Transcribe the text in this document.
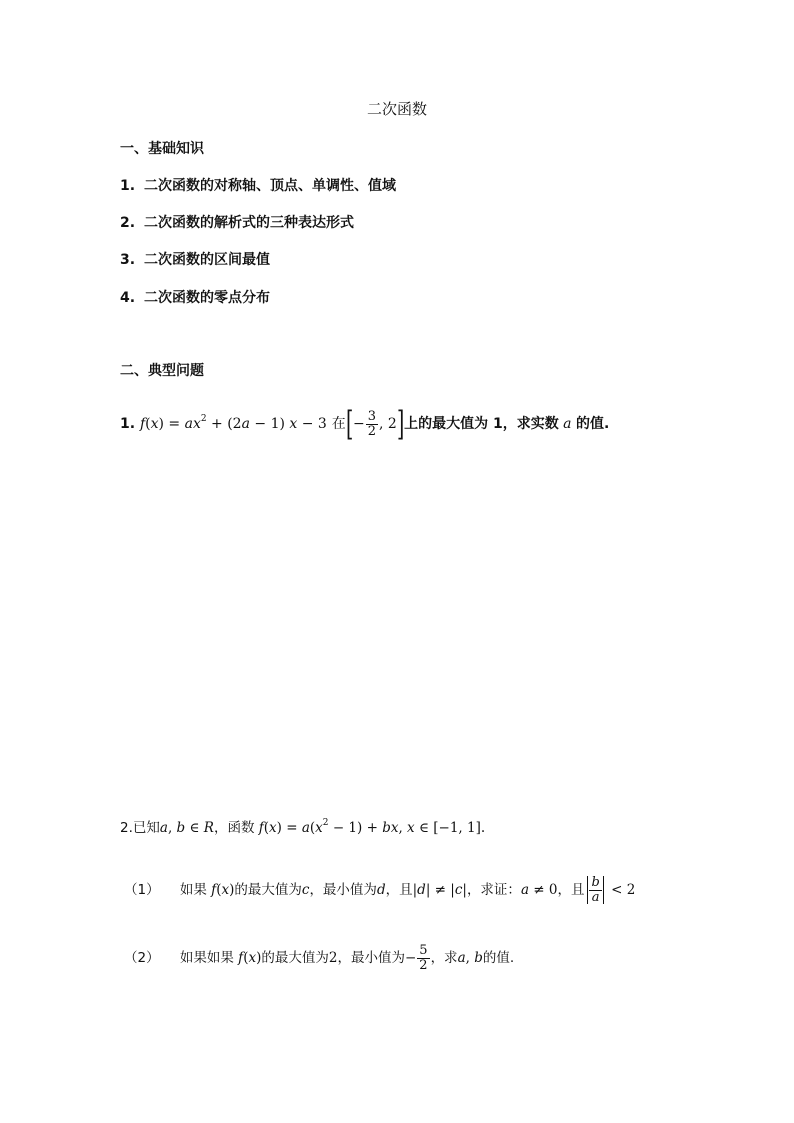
二次函数
一、基础知识
1. 二次函数的对称轴、顶点、单调性、值域
2. 二次函数的解析式的三种表达形式
3. 二次函数的区间最值
4. 二次函数的零点分布
二、典型问题
1. $f(x) = ax^2 + (2a - 1) x - 3$ 在[− $\frac{3}{2}$ , 2]上的最大值为 1，求实数 a 的值.
2.已知a, b ∈ R，函数 $f(x) = a(x^2 - 1)$ + bx, x ∈ [−1, 1].
（1） 如果 f(x)的最大值为c，最小值为d，且|d| ≠ |c|，求证：a ≠ 0，且 $\frac{b}{a} < 2$
（2） 如果如果 f(x)的最大值为2，最小值为− $\frac{5}{2}$ ，求a, b的值.
